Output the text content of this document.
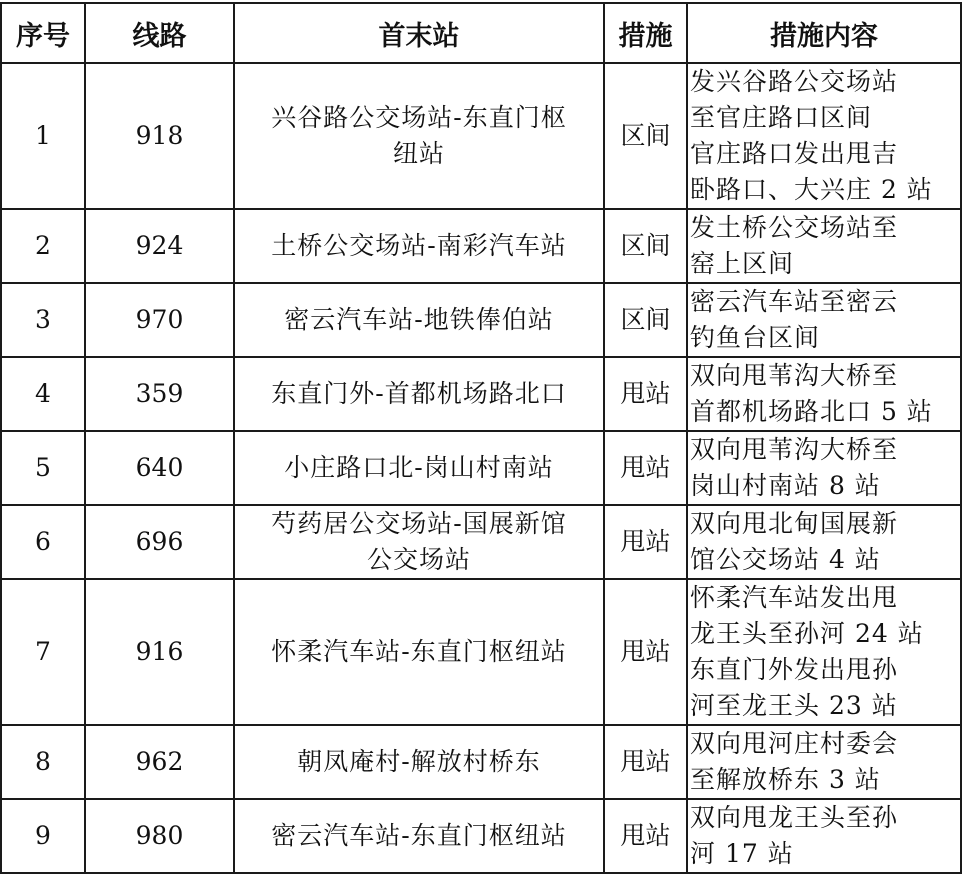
序号	线路	首末站	措施	措施内容
1	918	兴谷路公交场站-东直门枢
纽站	区间	发兴谷路公交场站
至官庄路口区间
官庄路口发出甩吉
卧路口、大兴庄 2 站

2	924	土桥公交场站-南彩汽车站	区间	发土桥公交场站至
窑上区间

3	970	密云汽车站-地铁俸伯站	区间	密云汽车站至密云
钓鱼台区间

4	359	东直门外-首都机场路北口	甩站	双向甩苇沟大桥至
首都机场路北口 5 站

5	640	小庄路口北-岗山村南站	甩站	双向甩苇沟大桥至
岗山村南站 8 站

6	696	芍药居公交场站-国展新馆
公交场站	甩站	双向甩北甸国展新
馆公交场站 4 站

7	916	怀柔汽车站-东直门枢纽站	甩站	怀柔汽车站发出甩
龙王头至孙河 24 站
东直门外发出甩孙
河至龙王头 23 站

8	962	朝凤庵村-解放村桥东	甩站	双向甩河庄村委会
至解放桥东 3 站

9	980	密云汽车站-东直门枢纽站	甩站	双向甩龙王头至孙
河 17 站
